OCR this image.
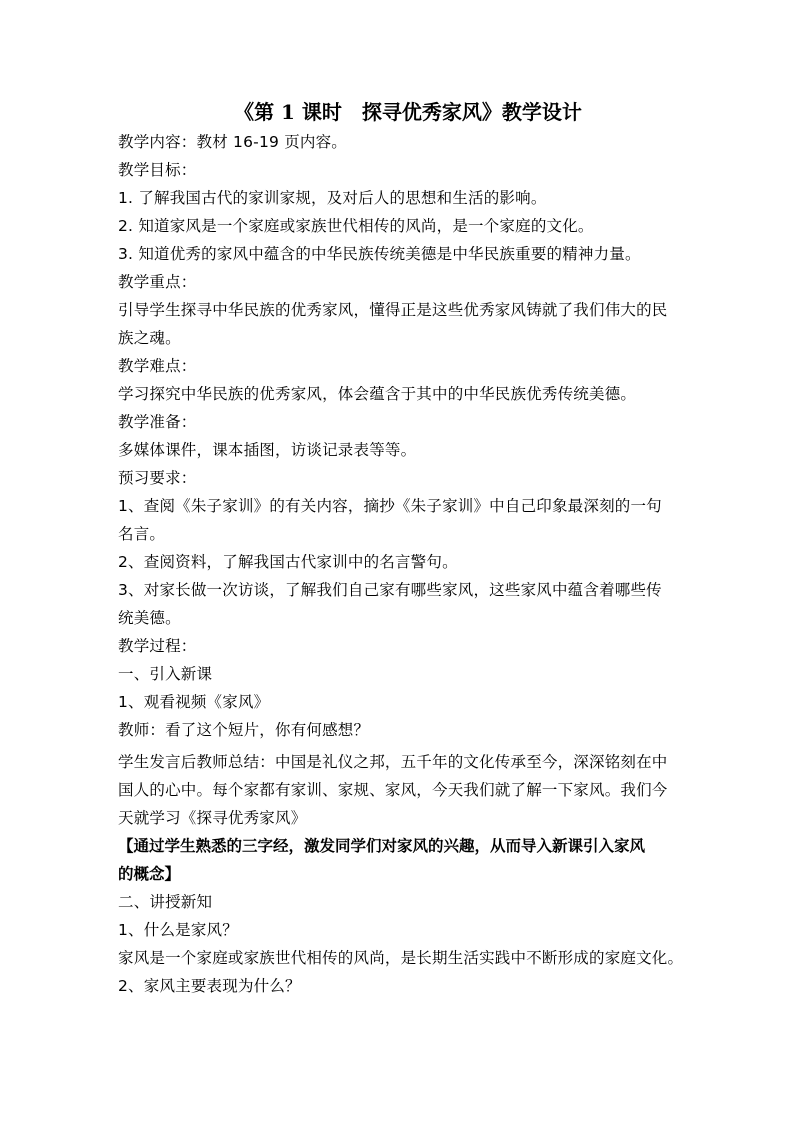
《第 1 课时　探寻优秀家风》教学设计
教学内容：教材 16-19 页内容。
教学目标：
1. 了解我国古代的家训家规，及对后人的思想和生活的影响。
2. 知道家风是一个家庭或家族世代相传的风尚，是一个家庭的文化。
3. 知道优秀的家风中蕴含的中华民族传统美德是中华民族重要的精神力量。
教学重点：
引导学生探寻中华民族的优秀家风，懂得正是这些优秀家风铸就了我们伟大的民
族之魂。
教学难点：
学习探究中华民族的优秀家风，体会蕴含于其中的中华民族优秀传统美德。
教学准备：
多媒体课件，课本插图，访谈记录表等等。
预习要求：
1、查阅《朱子家训》的有关内容，摘抄《朱子家训》中自己印象最深刻的一句
名言。
2、查阅资料，了解我国古代家训中的名言警句。
3、对家长做一次访谈，了解我们自己家有哪些家风，这些家风中蕴含着哪些传
统美德。
教学过程：
一、引入新课
1、观看视频《家风》
教师：看了这个短片，你有何感想？
学生发言后教师总结：中国是礼仪之邦，五千年的文化传承至今，深深铭刻在中
国人的心中。每个家都有家训、家规、家风，今天我们就了解一下家风。我们今
天就学习《探寻优秀家风》
【通过学生熟悉的三字经，激发同学们对家风的兴趣，从而导入新课引入家风
的概念】
二、讲授新知
1、什么是家风？
家风是一个家庭或家族世代相传的风尚，是长期生活实践中不断形成的家庭文化。
2、家风主要表现为什么？
